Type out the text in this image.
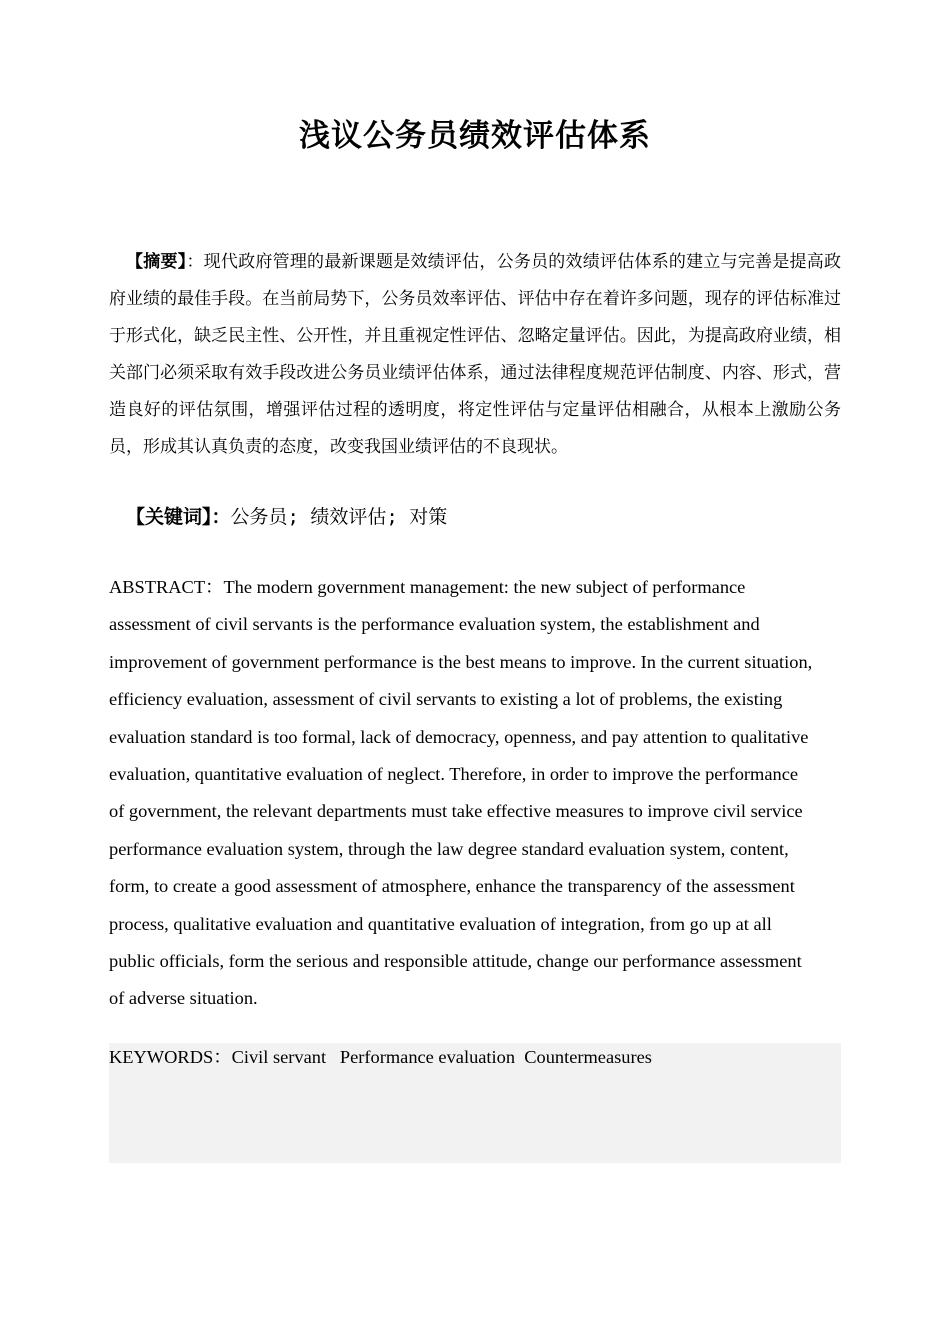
浅议公务员绩效评估体系
【摘要】：现代政府管理的最新课题是效绩评估，公务员的效绩评估体系的建立与完善是提高政府业绩的最佳手段。在当前局势下，公务员效率评估、评估中存在着许多问题，现存的评估标准过于形式化，缺乏民主性、公开性，并且重视定性评估、忽略定量评估。因此，为提高政府业绩，相关部门必须采取有效手段改进公务员业绩评估体系，通过法律程度规范评估制度、内容、形式，营造良好的评估氛围，增强评估过程的透明度，将定性评估与定量评估相融合，从根本上激励公务员，形成其认真负责的态度，改变我国业绩评估的不良现状。
【关键词】：公务员; 绩效评估; 对策
ABSTRACT：The modern government management: the new subject of performance
assessment of civil servants is the performance evaluation system, the establishment and
improvement of government performance is the best means to improve. In the current situation,
efficiency evaluation, assessment of civil servants to existing a lot of problems, the existing
evaluation standard is too formal, lack of democracy, openness, and pay attention to qualitative
evaluation, quantitative evaluation of neglect. Therefore, in order to improve the performance
of government, the relevant departments must take effective measures to improve civil service
performance evaluation system, through the law degree standard evaluation system, content,
form, to create a good assessment of atmosphere, enhance the transparency of the assessment
process, qualitative evaluation and quantitative evaluation of integration, from go up at all
public officials, form the serious and responsible attitude, change our performance assessment
of adverse situation.
KEYWORDS：Civil servant   Performance evaluation  Countermeasures
